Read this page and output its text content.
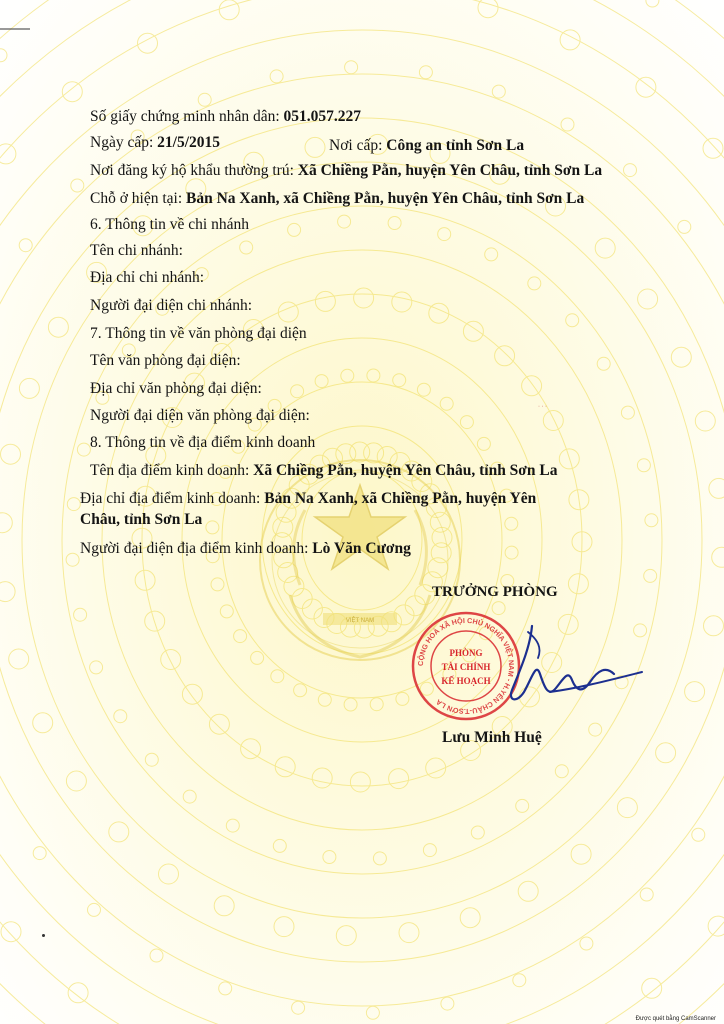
VIỆT NAM
Số giấy chứng minh nhân dân: 051.057.227
Ngày cấp: 21/5/2015	Nơi cấp: Công an tỉnh Sơn La
Nơi đăng ký hộ khẩu thường trú: Xã Chiềng Pằn, huyện Yên Châu, tỉnh Sơn La
Chỗ ở hiện tại: Bản Na Xanh, xã Chiềng Pằn, huyện Yên Châu, tỉnh Sơn La
6. Thông tin về chi nhánh
Tên chi nhánh:
Địa chỉ chi nhánh:
Người đại diện chi nhánh:
7. Thông tin về văn phòng đại diện
Tên văn phòng đại diện:
Địa chỉ văn phòng đại diện:
Người đại diện văn phòng đại diện:
8. Thông tin về địa điểm kinh doanh
Tên địa điểm kinh doanh: Xã Chiềng Pằn, huyện Yên Châu, tỉnh Sơn La
Địa chỉ địa điểm kinh doanh: Bản Na Xanh, xã Chiềng Pằn, huyện Yên
Châu, tỉnh Sơn La
Người đại diện địa điểm kinh doanh: Lò Văn Cương
· · ·
TRƯỞNG PHÒNG
CỘNG HOÀ XÃ HỘI CHỦ NGHĨA VIỆT NAM - H.YÊN CHÂU-T.SƠN LA
PHÒNG
TÀI CHÍNH
KẾ HOẠCH
Lưu Minh Huệ
Được quét bằng CamScanner
